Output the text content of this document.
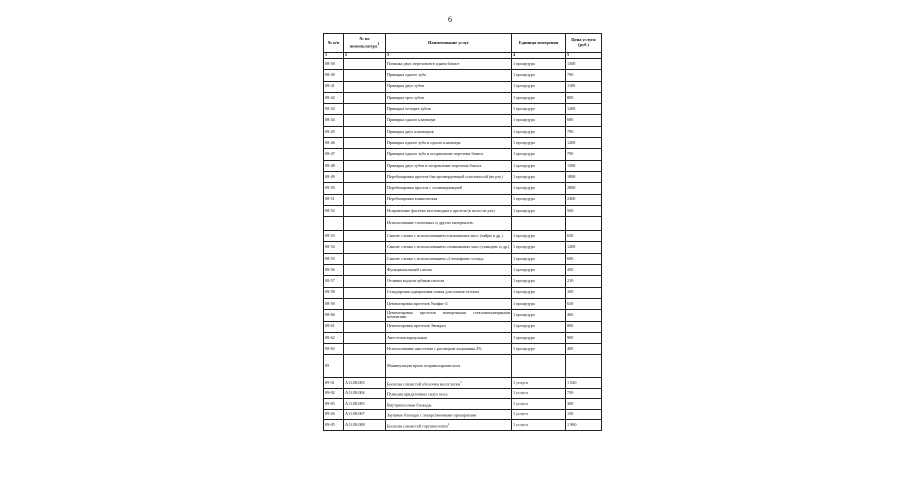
6
№ п/п	№ по номенклатуре$^1$	Наименование услуг	Единица измерения	Цена услуги (руб.)
1	2	3	4	5
08-39		Починка двух переломов в одном базисе	1 процедура	1300
08-40		Приварка одного зуба	1 процедура	700
08-41		Приварка двух зубов	1 процедура	1100
08-42		Приварка трех зубов	1 процедура	800
08-43		Приварка четырех зубов	1 процедура	1200
08-44		Приварка одного кламмера	1 процедура	680
08-45		Приварка двух кламмеров	1 процедура	790
08-46		Приварка одного зуба и одного кламмера	1 процедура	1200
08-47		Приварка одного зуба и исправление перелома базиса	1 процедура	700
08-48		Приварка двух зубов и исправление перелома базиса	1 процедура	1300
08-49		Перебазировка протеза быстротвердеющей пластмассой (во рту)	1 процедура	1800
08-50		Перебазировка протеза с полимеризацией	1 процедура	2800
08-51		Перебазировка клиническая	1 процедура	2400
08-52		Исправление фасетки мостовидного протеза (в полости рта)	1 процедура	560
		Использование слепочных и других материалов:		
08-53		Снятие слепка с использованием альгинатных масс (хайри и др.)	1 процедура	630
08-54		Снятие слепка с использованием силиконовых масс (спиндекс и др.)	1 процедура	1200
08-55		Снятие слепка с использованием «Стомафлекс-солид»	1 процедура	600
08-56		Функциональный слепок	1 процедура	450
08-57		Отливка модели зубным гипсом	1 процедура	210
08-58		Стандартная одноразовая ложка для снятия оттиска	1 процедура	160
08-59		Цементировка протезов Унифас-2	1 процедура	630
08-60		Цементировка протезов импортными стеклоиономерными цементами	1 процедура	460
08-61		Цементировка протезов Эвикрол	1 процедура	800
08-62		Анестезия карпульная	1 процедура	900
08-63		Использование анестезии с раствором лидокаина 2%	1 процедура	400
09		Манипуляции врача оториноларинголога		
09-01	A11.08.003	Биопсия слизистой оболочки носоглотки$^1$	1 услуга	1 020
09-02	A11.08.004	Пункция придаточных пазух носа	1 услуга	750
09-03	A11.08.005	Внутриносовые блокады	1 услуга	300
09-04	A11.08.007	Заушные блокады с лекарственными препаратами	1 услуга	130
09-05	A11.08.008	Биопсия слизистой гортаноглотки$^1$	1 услуга	1 960
